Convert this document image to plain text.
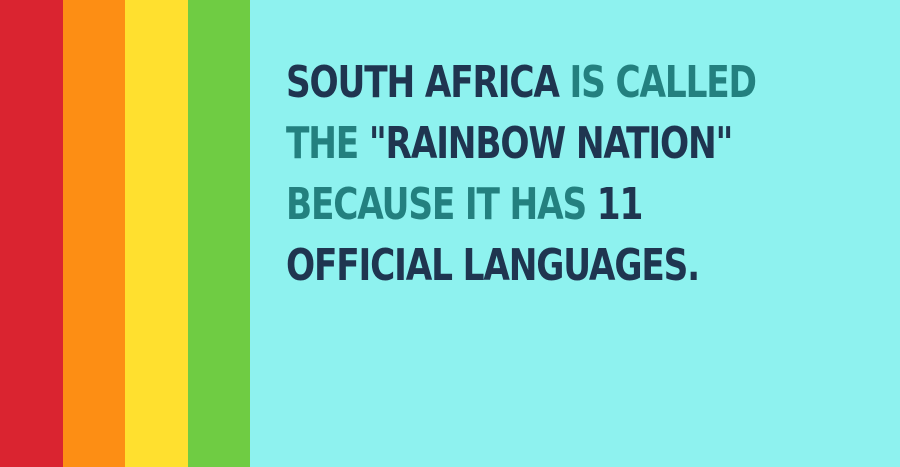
SOUTH AFRICA IS CALLED
THE "RAINBOW NATION"
BECAUSE IT HAS 11
OFFICIAL LANGUAGES.
